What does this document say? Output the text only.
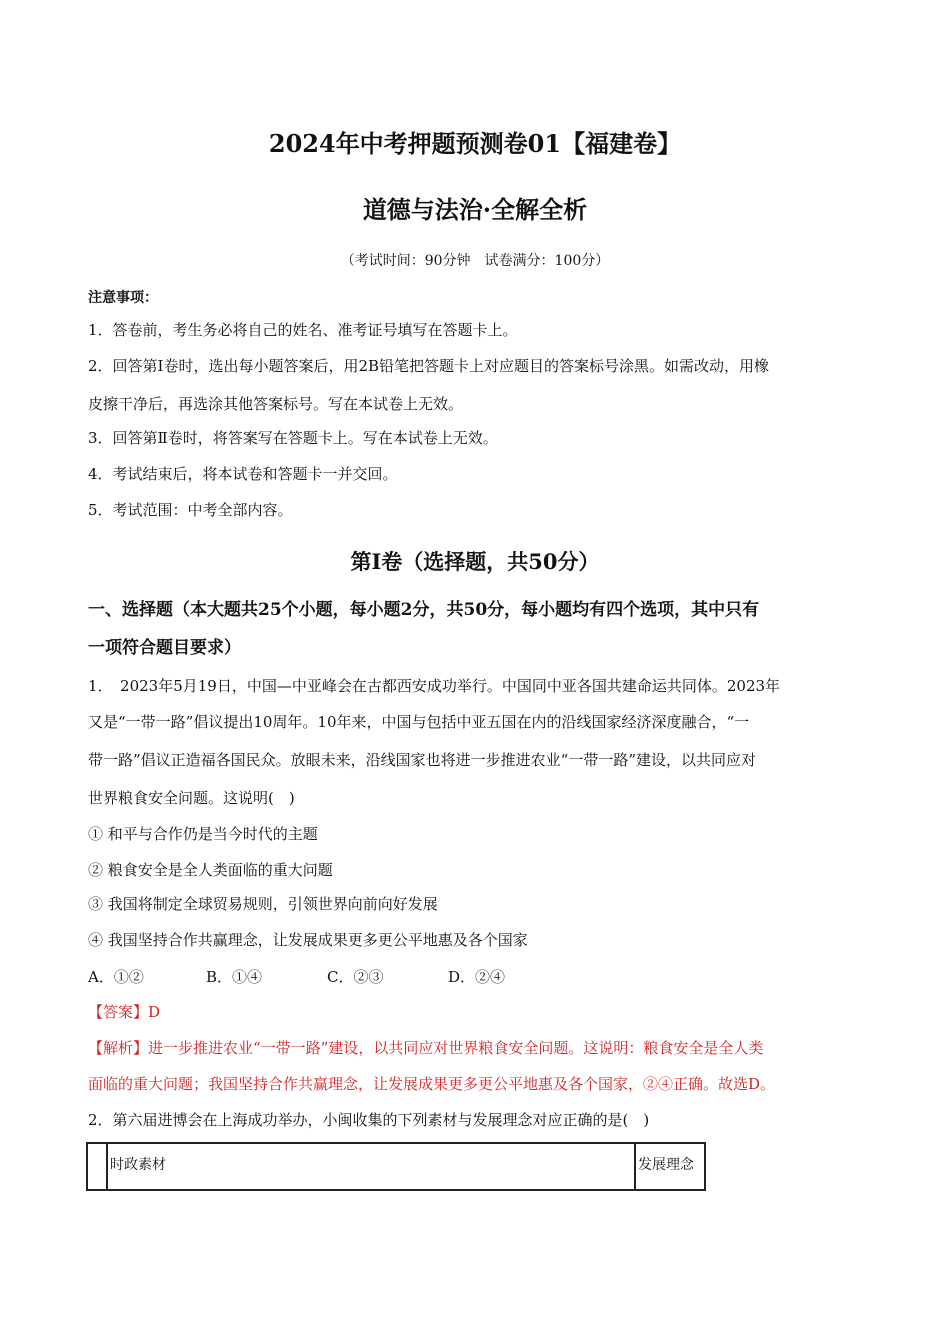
2024年中考押题预测卷01【福建卷】
道德与法治·全解全析
（考试时间：90分钟　试卷满分：100分）
注意事项：
1．答卷前，考生务必将自己的姓名、准考证号填写在答题卡上。
2．回答第Ⅰ卷时，选出每小题答案后，用2B铅笔把答题卡上对应题目的答案标号涂黑。如需改动，用橡
皮擦干净后，再选涂其他答案标号。写在本试卷上无效。
3．回答第Ⅱ卷时，将答案写在答题卡上。写在本试卷上无效。
4．考试结束后，将本试卷和答题卡一并交回。
5．考试范围：中考全部内容。
第Ⅰ卷（选择题，共50分）
一、选择题（本大题共25个小题，每小题2分，共50分，每小题均有四个选项，其中只有
一项符合题目要求）
1．　2023年5月19日，中国—中亚峰会在古都西安成功举行。中国同中亚各国共建命运共同体。2023年
又是“一带一路”倡议提出10周年。10年来，中国与包括中亚五国在内的沿线国家经济深度融合，“一
带一路”倡议正造福各国民众。放眼未来，沿线国家也将进一步推进农业“一带一路”建设，以共同应对
世界粮食安全问题。这说明(　)
① 和平与合作仍是当今时代的主题
② 粮食安全是全人类面临的重大问题
③ 我国将制定全球贸易规则，引领世界向前向好发展
④ 我国坚持合作共赢理念，让发展成果更多更公平地惠及各个国家
A．①②	B．①④	C．②③	D．②④
【答案】D
【解析】进一步推进农业“一带一路”建设，以共同应对世界粮食安全问题。这说明：粮食安全是全人类
面临的重大问题；我国坚持合作共赢理念，让发展成果更多更公平地惠及各个国家，②④正确。故选D。
2．第六届进博会在上海成功举办，小闽收集的下列素材与发展理念对应正确的是(　)
	时政素材	发展理念
